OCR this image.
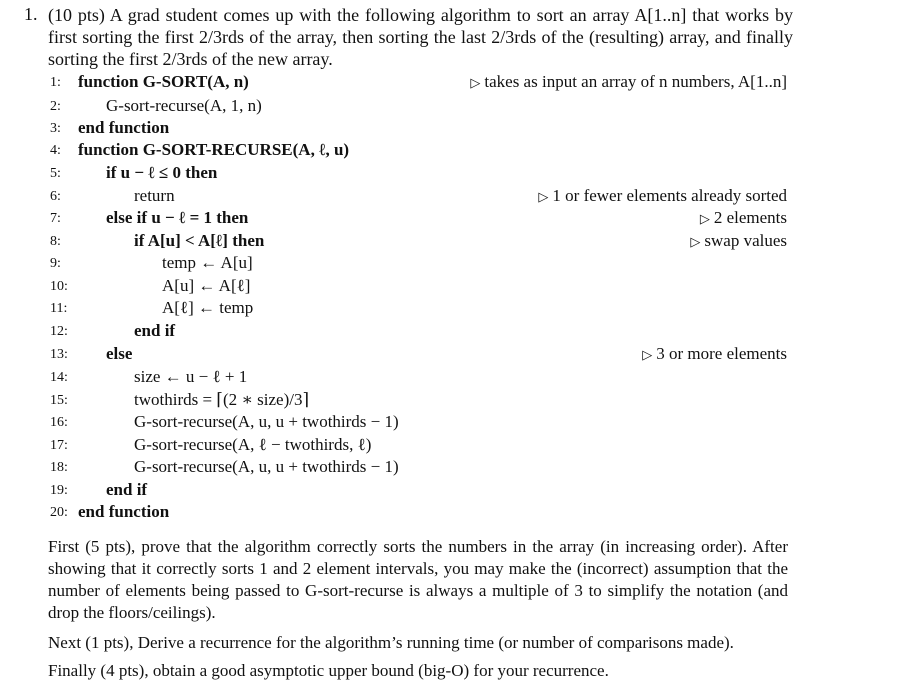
1. (10 pts) A grad student comes up with the following algorithm to sort an array A[1..n] that works by first sorting the first 2/3rds of the array, then sorting the last 2/3rds of the (resulting) array, and finally sorting the first 2/3rds of the new array.
1:	function G-SORT(A, n)	▷ takes as input an array of n numbers, A[1..n]
2:	G-sort-recurse(A, 1, n)
3:	end function
4:	function G-SORT-RECURSE(A, ℓ, u)
5:	if u − ℓ ≤ 0 then
6:	return	▷ 1 or fewer elements already sorted
7:	else if u − ℓ = 1 then	▷ 2 elements
8:	if A[u] < A[ℓ] then	▷ swap values
9:	temp ← A[u]
10:	A[u] ← A[ℓ]
11:	A[ℓ] ← temp
12:	end if
13:	else	▷ 3 or more elements
14:	size ← u − ℓ + 1
15:	twothirds = ⌈(2 ∗ size)/3⌉
16:	G-sort-recurse(A, u, u + twothirds − 1)
17:	G-sort-recurse(A, ℓ − twothirds, ℓ)
18:	G-sort-recurse(A, u, u + twothirds − 1)
19:	end if
20: end function
First (5 pts), prove that the algorithm correctly sorts the numbers in the array (in increasing order). After showing that it correctly sorts 1 and 2 element intervals, you may make the (incorrect) assumption that the number of elements being passed to G-sort-recurse is always a multiple of 3 to simplify the notation (and drop the floors/ceilings).
Next (1 pts), Derive a recurrence for the algorithm’s running time (or number of comparisons made).
Finally (4 pts), obtain a good asymptotic upper bound (big-O) for your recurrence.
